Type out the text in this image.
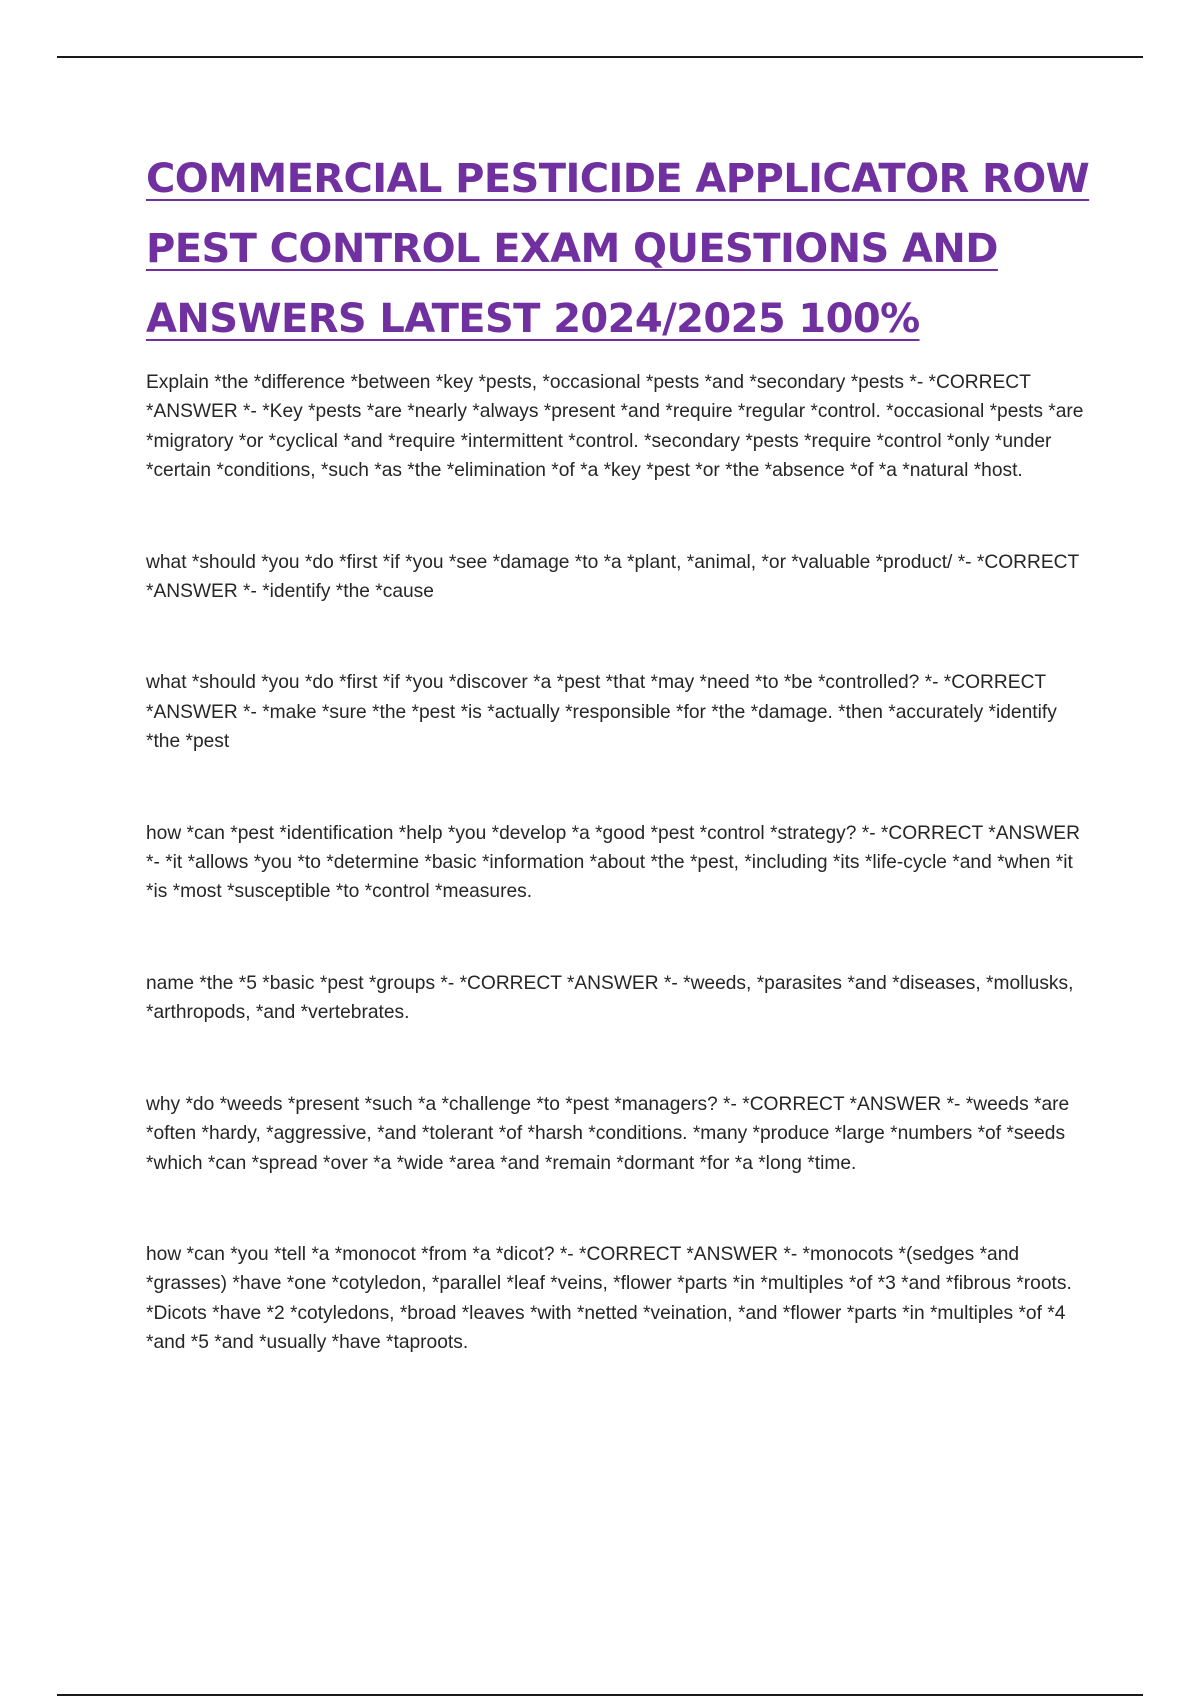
COMMERCIAL PESTICIDE APPLICATOR ROW PEST CONTROL EXAM QUESTIONS AND ANSWERS LATEST 2024/2025 100%

Explain *the *difference *between *key *pests, *occasional *pests *and *secondary *pests *- *CORRECT *ANSWER *- *Key *pests *are *nearly *always *present *and *require *regular *control. *occasional *pests *are *migratory *or *cyclical *and *require *intermittent *control. *secondary *pests *require *control *only *under *certain *conditions, *such *as *the *elimination *of *a *key *pest *or *the *absence *of *a *natural *host.

what *should *you *do *first *if *you *see *damage *to *a *plant, *animal, *or *valuable *product/ *- *CORRECT *ANSWER *- *identify *the *cause

what *should *you *do *first *if *you *discover *a *pest *that *may *need *to *be *controlled? *- *CORRECT *ANSWER *- *make *sure *the *pest *is *actually *responsible *for *the *damage. *then *accurately *identify *the *pest

how *can *pest *identification *help *you *develop *a *good *pest *control *strategy? *- *CORRECT *ANSWER *- *it *allows *you *to *determine *basic *information *about *the *pest, *including *its *life-cycle *and *when *it *is *most *susceptible *to *control *measures.

name *the *5 *basic *pest *groups *- *CORRECT *ANSWER *- *weeds, *parasites *and *diseases, *mollusks, *arthropods, *and *vertebrates.

why *do *weeds *present *such *a *challenge *to *pest *managers? *- *CORRECT *ANSWER *- *weeds *are *often *hardy, *aggressive, *and *tolerant *of *harsh *conditions. *many *produce *large *numbers *of *seeds *which *can *spread *over *a *wide *area *and *remain *dormant *for *a *long *time.

how *can *you *tell *a *monocot *from *a *dicot? *- *CORRECT *ANSWER *- *monocots *(sedges *and *grasses) *have *one *cotyledon, *parallel *leaf *veins, *flower *parts *in *multiples *of *3 *and *fibrous *roots. *Dicots *have *2 *cotyledons, *broad *leaves *with *netted *veination, *and *flower *parts *in *multiples *of *4 *and *5 *and *usually *have *taproots.
